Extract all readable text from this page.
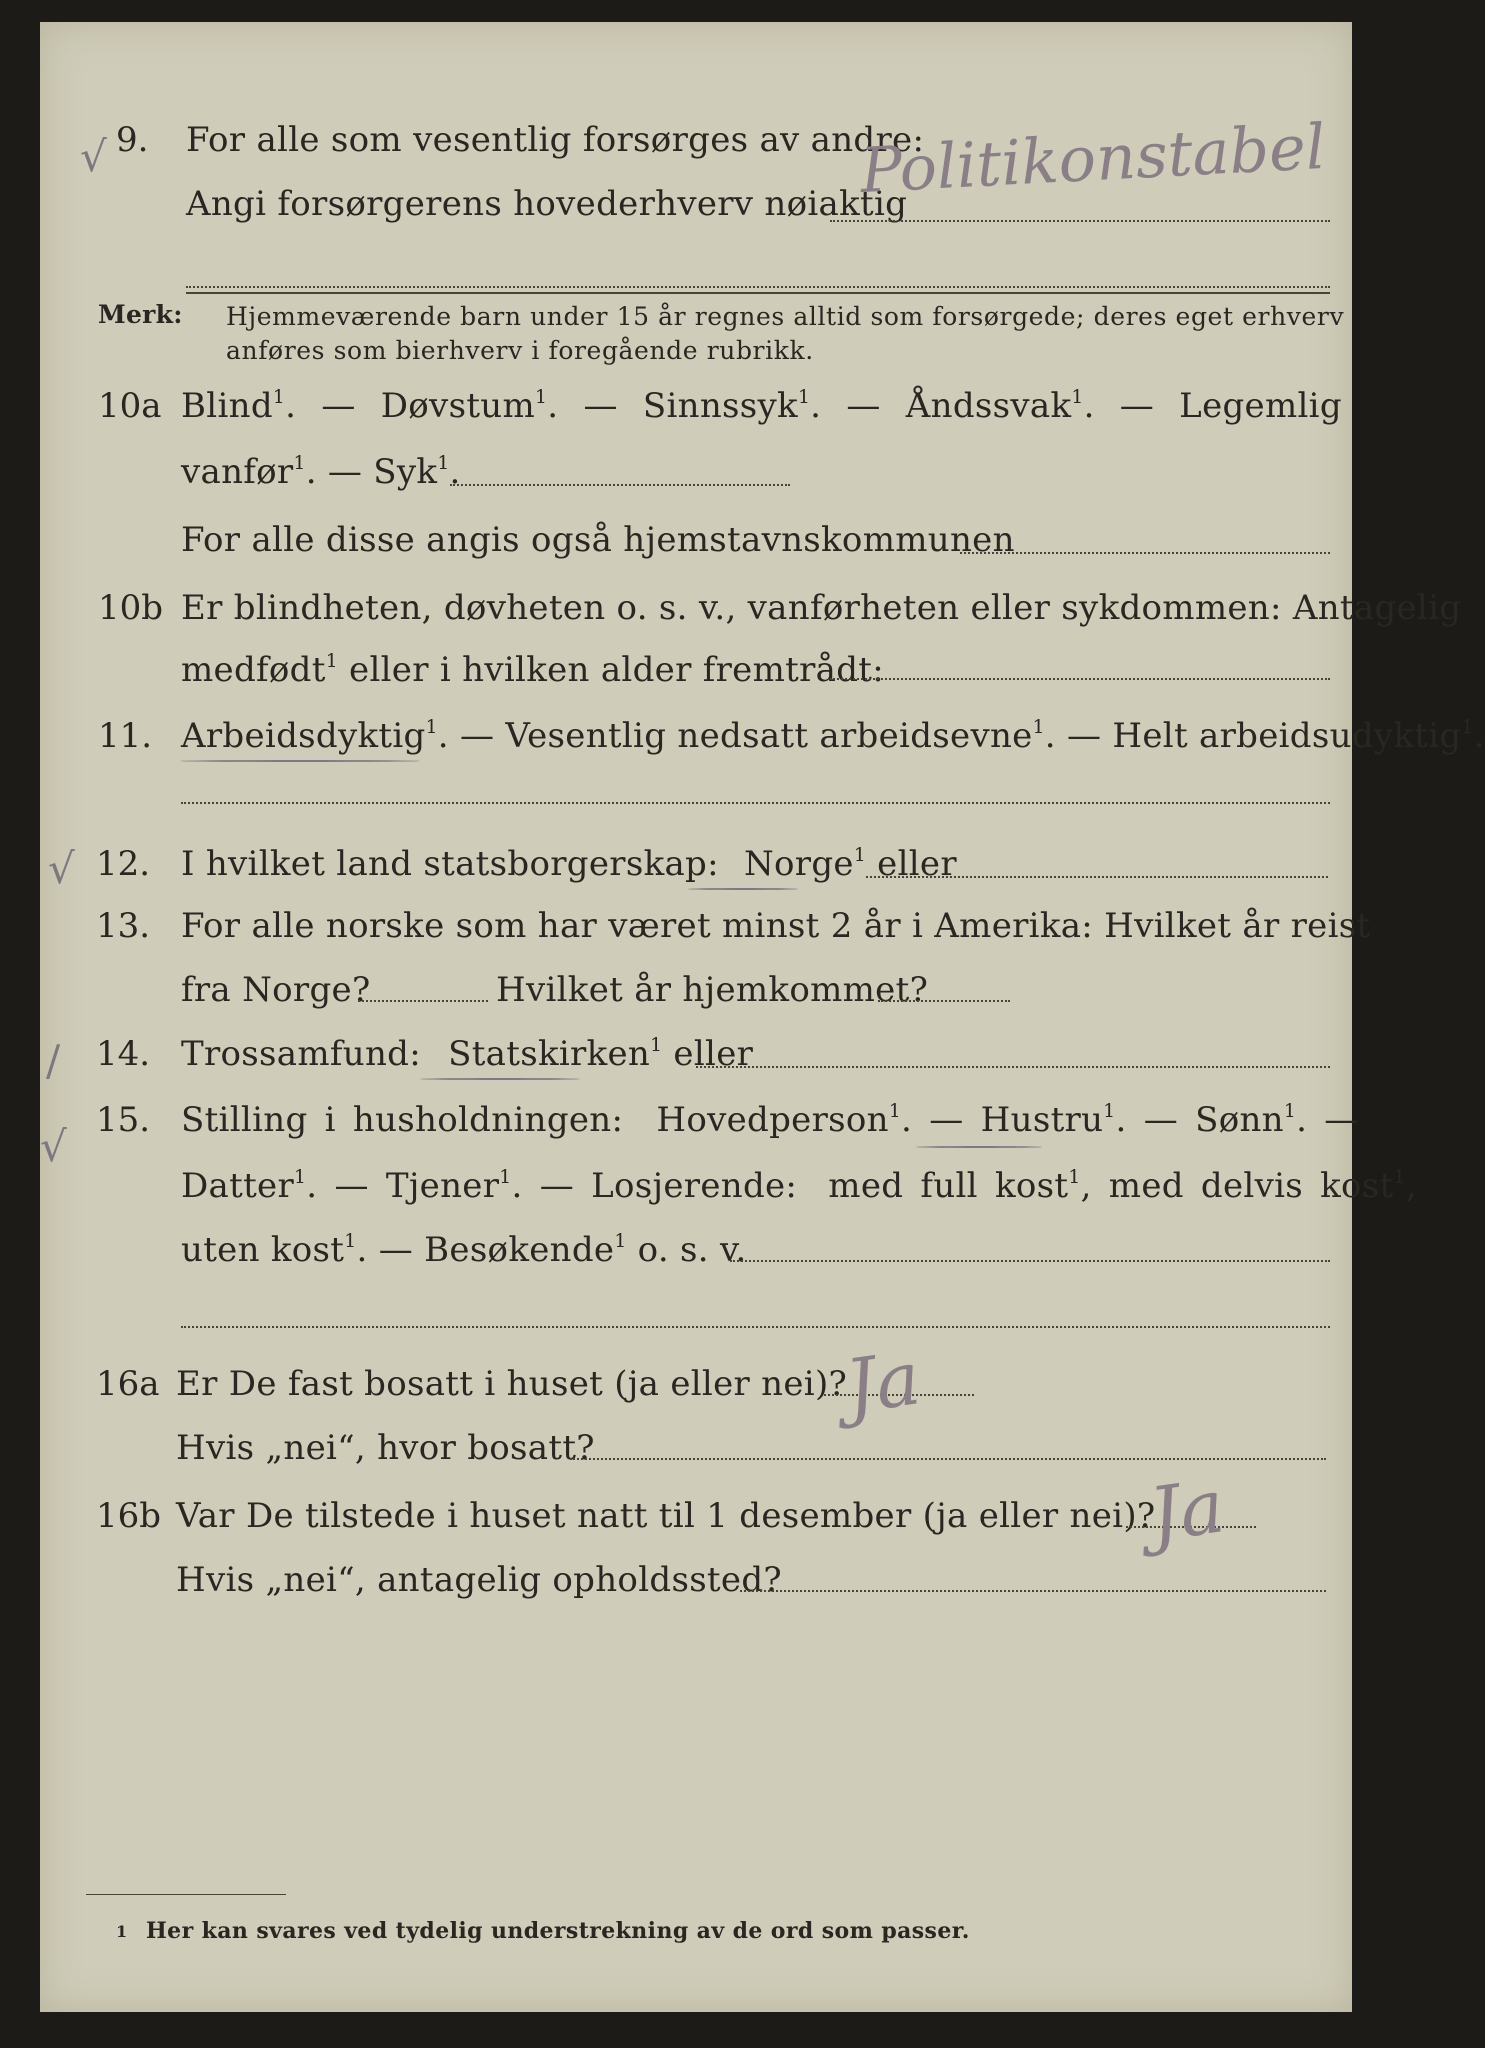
√ 9. For alle som vesentlig forsørges av andre:
Angi forsørgerens hovederhverv nøiaktig
Politikonstabel
Merk: Hjemmeværende barn under 15 år regnes alltid som forsørgede; deres eget erhverv
anføres som bierhverv i foregående rubrikk.
10a Blind$^1$. — Døvstum$^1$. — Sinnssyk$^1$. — Åndssvak$^1$. — Legemlig
vanfør$^1$. — Syk$^1$.
For alle disse angis også hjemstavnskommunen
10b Er blindheten, døvheten o. s. v., vanførheten eller sykdommen: Antagelig
medfødt$^1$ eller i hvilken alder fremtrådt:
11. Arbeidsdyktig$^1$. — Vesentlig nedsatt arbeidsevne$^1$. — Helt arbeidsudyktig$^1$.
√ 12. I hvilket land statsborgerskap: Norge$^1$ eller
13. For alle norske som har været minst 2 år i Amerika: Hvilket år reist
fra Norge?	Hvilket år hjemkommet?
/ 14. Trossamfund: Statskirken$^1$ eller
√
15. Stilling i husholdningen: Hovedperson$^1$. — Hustru$^1$. — Sønn$^1$. —
Datter$^1$. — Tjener$^1$. — Losjerende: med full kost$^1$, med delvis kost$^1$,
uten kost$^1$. — Besøkende$^1$ o. s. v.
16a Er De fast bosatt i huset (ja eller nei)?
Ja
Hvis „nei“, hvor bosatt?
16b Var De tilstede i huset natt til 1 desember (ja eller nei)?
Ja
Hvis „nei“, antagelig opholdssted?
1 Her kan svares ved tydelig understrekning av de ord som passer.
